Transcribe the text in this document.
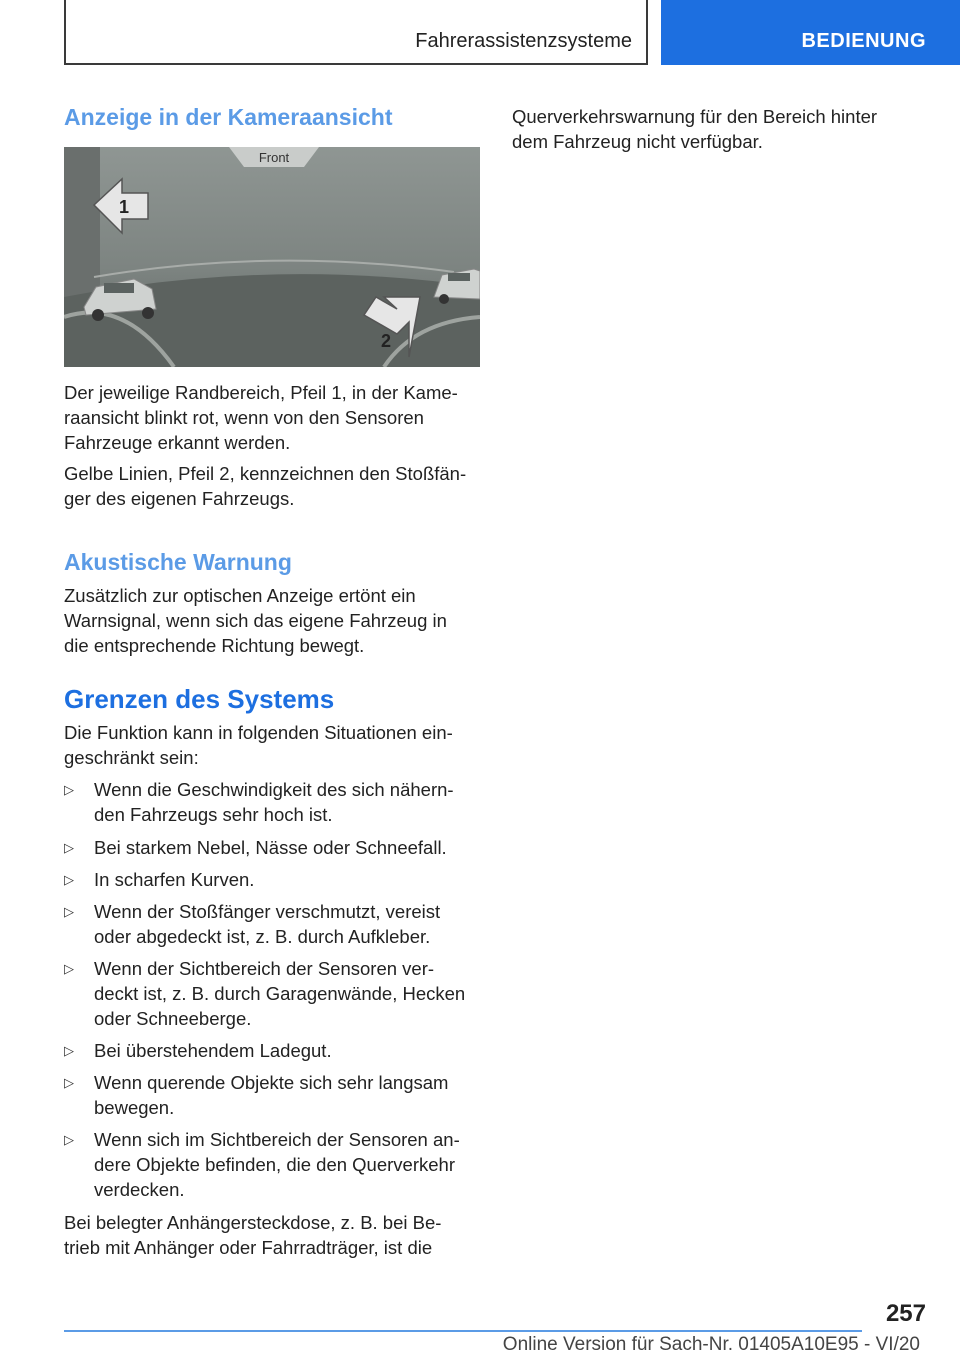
Fahrerassistenzsysteme	BEDIENUNG
Anzeige in der Kameraansicht
Front
1
2
Der jeweilige Randbereich, Pfeil 1, in der Kame-
raansicht blinkt rot, wenn von den Sensoren
Fahrzeuge erkannt werden.
Gelbe Linien, Pfeil 2, kennzeichnen den Stoßfän-
ger des eigenen Fahrzeugs.
Akustische Warnung
Zusätzlich zur optischen Anzeige ertönt ein
Warnsignal, wenn sich das eigene Fahrzeug in
die entsprechende Richtung bewegt.
Grenzen des Systems
Die Funktion kann in folgenden Situationen ein-
geschränkt sein:
▷ Wenn die Geschwindigkeit des sich nähern-
den Fahrzeugs sehr hoch ist.
▷ Bei starkem Nebel, Nässe oder Schneefall.
▷ In scharfen Kurven.
▷ Wenn der Stoßfänger verschmutzt, vereist
oder abgedeckt ist, z. B. durch Aufkleber.
▷ Wenn der Sichtbereich der Sensoren ver-
deckt ist, z. B. durch Garagenwände, Hecken
oder Schneeberge.
▷ Bei überstehendem Ladegut.
▷ Wenn querende Objekte sich sehr langsam
bewegen.
▷ Wenn sich im Sichtbereich der Sensoren an-
dere Objekte befinden, die den Querverkehr
verdecken.
Bei belegter Anhängersteckdose, z. B. bei Be-
trieb mit Anhänger oder Fahrradträger, ist die
Querverkehrswarnung für den Bereich hinter
dem Fahrzeug nicht verfügbar.
257
Online Version für Sach-Nr. 01405A10E95 - VI/20
